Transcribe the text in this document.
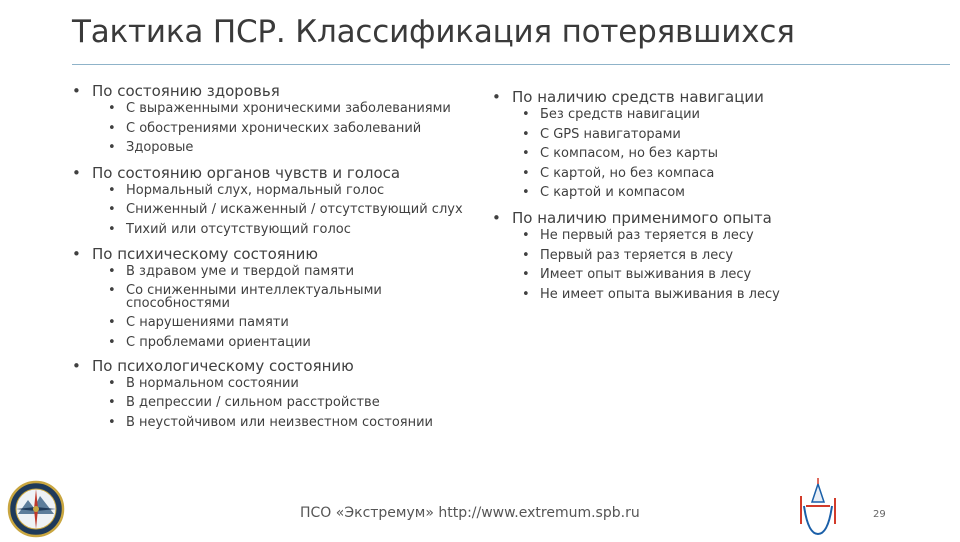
Тактика ПСР. Классификация потерявшихся
• По состоянию здоровья
• С выраженными хроническими заболеваниями
• С обострениями хронических заболеваний
• Здоровые
• По состоянию органов чувств и голоса
• Нормальный слух, нормальный голос
• Сниженный / искаженный / отсутствующий слух
• Тихий или отсутствующий голос
• По психическому состоянию
• В здравом уме и твердой памяти
• Со сниженными интеллектуальными способностями
• С нарушениями памяти
• С проблемами ориентации
• По психологическому состоянию
• В нормальном состоянии
• В депрессии / сильном расстройстве
• В неустойчивом или неизвестном состоянии
• По наличию средств навигации
• Без средств навигации
• С GPS навигаторами
• С компасом, но без карты
• С картой, но без компаса
• С картой и компасом
• По наличию применимого опыта
• Не первый раз теряется в лесу
• Первый раз теряется в лесу
• Имеет опыт выживания в лесу
• Не имеет опыта выживания в лесу
ПСО «Экстремум» http://www.extremum.spb.ru	29
